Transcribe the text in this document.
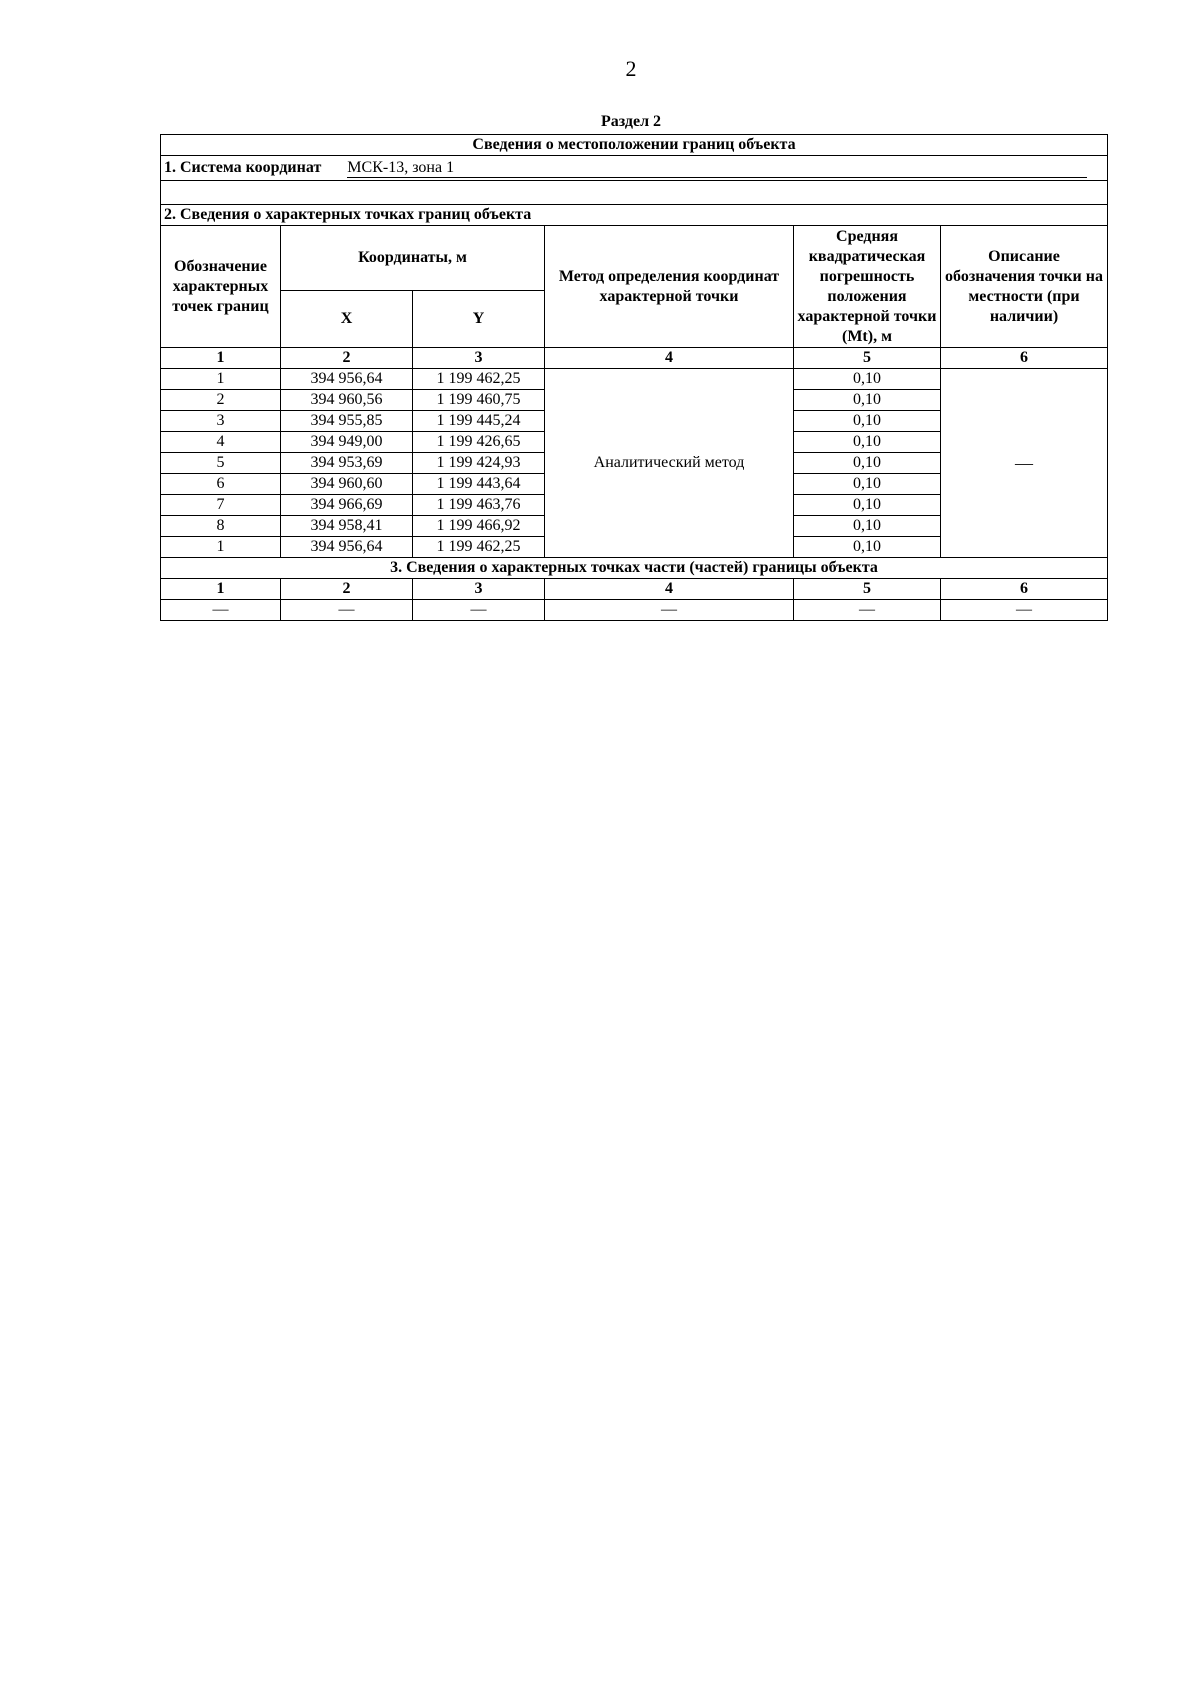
2
Раздел 2
Сведения о местоположении границ объекта					
1. Система координат МСК-13, зона 1					

2. Сведения о характерных точках границ объекта					
Обозначение характерных точек границ	Координаты, м		Метод определения координат характерной точки	Средняя квадратическая погрешность положения характерной точки (Mt), м	Описание обозначения точки на местности (при наличии)
	X	Y			
1	2	3	4	5	6
1	394 956,64	1 199 462,25	Аналитический метод	0,10	—
2	394 960,56	1 199 460,75		0,10	
3	394 955,85	1 199 445,24		0,10	
4	394 949,00	1 199 426,65		0,10	
5	394 953,69	1 199 424,93		0,10	
6	394 960,60	1 199 443,64		0,10	
7	394 966,69	1 199 463,76		0,10	
8	394 958,41	1 199 466,92		0,10	
1	394 956,64	1 199 462,25		0,10	
3. Сведения о характерных точках части (частей) границы объекта					
1	2	3	4	5	6
—	—	—	—	—	—
